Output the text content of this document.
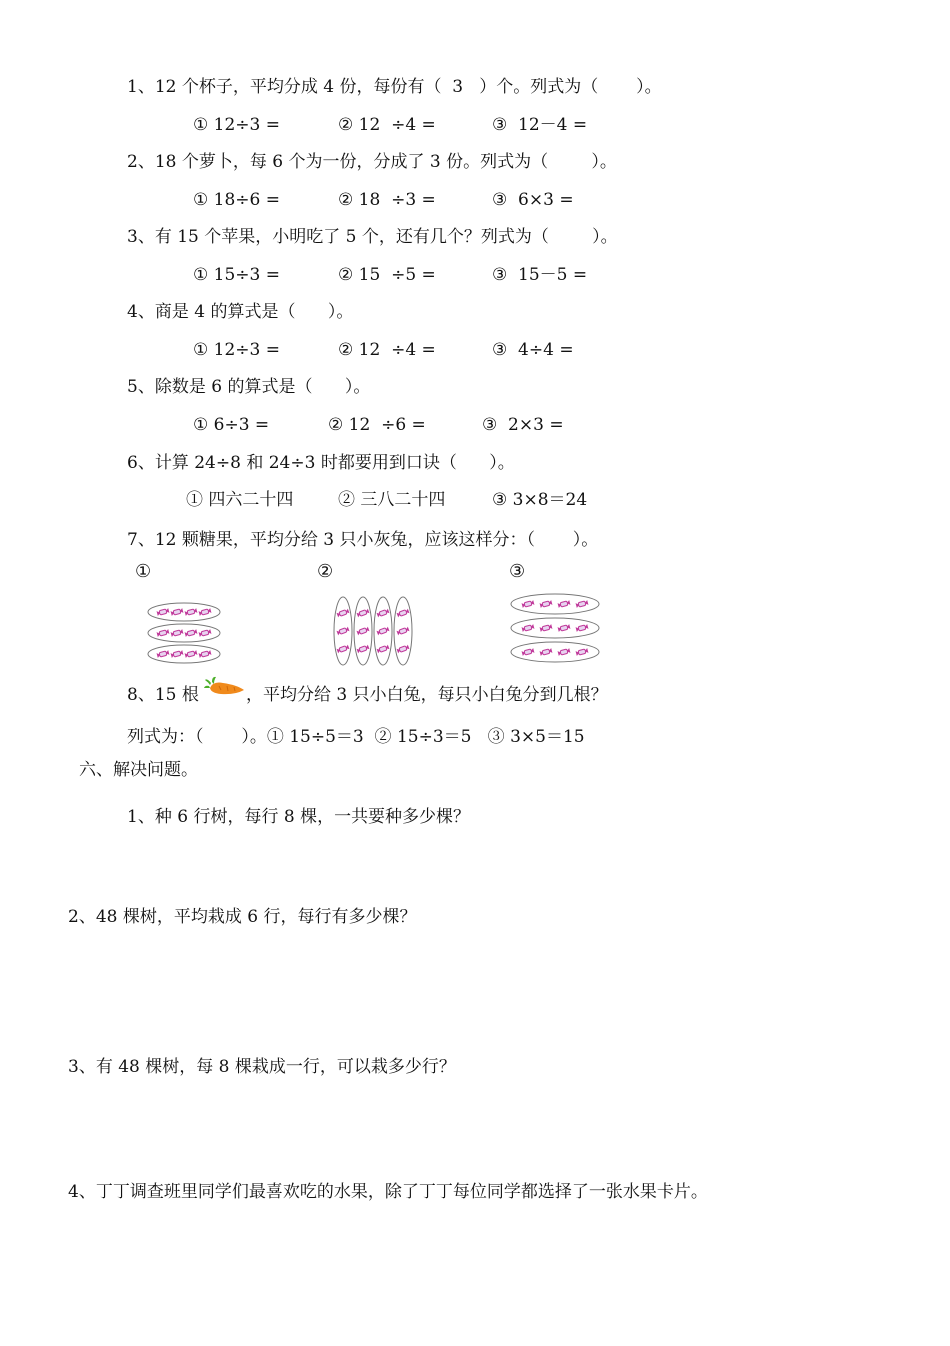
1、12 个杯子，平均分成 4 份，每份有（  3   ）个。列式为（       ）。
① 12÷3 =	② 12  ÷4 =	③  12－4 =
2、18 个萝卜，每 6 个为一份，分成了 3 份。列式为（        ）。
① 18÷6 =	② 18  ÷3 =	③  6×3 =
3、有 15 个苹果，小明吃了 5 个，还有几个？列式为（        ）。
① 15÷3 =	② 15  ÷5 =	③  15－5 =
4、商是 4 的算式是（      ）。
① 12÷3 =	② 12  ÷4 =	③  4÷4 =
5、除数是 6 的算式是（      ）。
① 6÷3 =	② 12  ÷6 =	③  2×3 =
6、计算 24÷8 和 24÷3 时都要用到口诀（      ）。
① 四六二十四	② 三八二十四	③ 3×8＝24
7、12 颗糖果，平均分给 3 只小灰兔，应该这样分：（       ）。
①	②	③
8、15 根	，平均分给 3 只小白兔，每只小白兔分到几根？
列式为：（       ）。① 15÷5＝3  ② 15÷3＝5   ③ 3×5＝15
六、解决问题。
1、种 6 行树，每行 8 棵，一共要种多少棵？
2、48 棵树，平均栽成 6 行，每行有多少棵？
3、有 48 棵树，每 8 棵栽成一行，可以栽多少行？
4、丁丁调查班里同学们最喜欢吃的水果，除了丁丁每位同学都选择了一张水果卡片。
